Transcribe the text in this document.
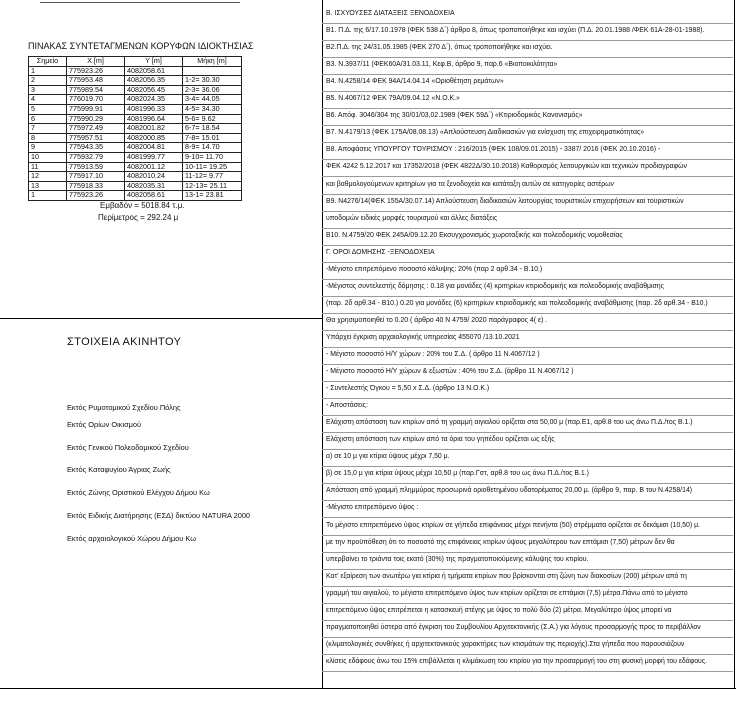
ΠΙΝΑΚΑΣ ΣΥΝΤΕΤΑΓΜΕΝΩΝ ΚΟΡΥΦΩΝ ΙΔΙΟΚΤΗΣΙΑΣ
Σημείο	X [m]	Y [m]	Μήκη [m]
1	775923.26	4082058.61	
2	775953.48	4082056.35	1-2= 30.30
3	775989.54	4082056.45	2-3= 36.06
4	776019.70	4082024.35	3-4= 44.05
5	775999.91	4081996.33	4-5= 34.30
6	775990.29	4081996.64	5-6= 9.62
7	775972.49	4082001.82	6-7= 18.54
8	775957.51	4082000.85	7-8= 15.01
9	775943.35	4082004.81	8-9= 14.70
10	775932.79	4081999.77	9-10= 11.70
11	775913.59	4082001.12	10-11= 19.25
12	775917.10	4082010.24	11-12= 9.77
13	775918.33	4082035.31	12-13= 25.11
1	775923.26	4082058.61	13-1= 23.81
Εμβαδόν = 5018.84 τ.μ.
Περίμετρος = 292.24 μ
ΣΤΟΙΧΕΙΑ ΑΚΙΝΗΤΟΥ
Εκτός Ρυμοτομικού Σχεδίου Πόλης
Εκτός Ορίων Οικισμού
Εκτός Γενικού Πολεοδομικού Σχεδίου
Εκτός Καταφυγίου Άγριας Ζωής
Εκτός Ζώνης Οριστικού Ελέγχου Δήμου Κω
Εκτός Ειδικής Διατήρησης (ΕΣΔ) δικτύου NATURA 2000
Εκτός αρχαιολογικού Χώρου Δήμου Κω
Β. ΙΣΧΥΟΥΣΕΣ ΔΙΑΤΑΞΕΙΣ ΞΕΝΟΔΟΧΕΙΑ
Β1. Π.Δ. της 6/17.10.1978 (ΦΕΚ 538 Δ΄) άρθρο 8, όπως τροποποιήθηκε και ισχύει (Π.Δ. 20.01.1988 /ΦΕΚ 61Α-28-01-1988).
Β2.Π.Δ. της 24/31.05.1985 (ΦΕΚ 270 Δ΄), όπως τροποποιήθηκε και ισχύει.
Β3. Ν.3937/11 (ΦΕΚ60Α/31.03.11, Κεφ.Β, άρθρο 9, παρ.6 «Βιοποικιλότητα»
Β4. Ν.4258/14 ΦΕΚ 94Α/14.04.14 «Οριοθέτηση ρεμάτων»
Β5. Ν.4067/12 ΦΕΚ 79Α/09.04.12 «Ν.Ο.Κ.»
Β6. Απόφ. 3046/304 της 30/01/03,02.1989 (ΦΕΚ 59Δ΄) «Κτιριοδομικός Κανονισμός»
Β7. Ν.4179/13 (ΦΕΚ 175Α/08.08.13) «Απλούστευση Διαδικασιών για ενίσχυση της επιχειρηματικότητας»
Β8. Αποφάσεις ΥΠΟΥΡΓΟΥ ΤΟΥΡΙΣΜΟΥ : 216/2015 (ΦΕΚ 108/09.01.2015) - 3387/ 2016 (ΦΕΚ 20.10.2016) -
ΦΕΚ 4242 5.12.2017 και 17352/2018 (ΦΕΚ 4822Δ/30.10.2018) Καθορισμός λειτουργικών και τεχνικών προδιαγραφών
και βαθμολογούμενων κριτηρίων για τα ξενοδοχεία και κατάταξη αυτών σε κατηγορίες αστέρων
Β9. Ν4276/14(ΦΕΚ 155Α/30.07.14) Απλούστευση διαδικασιών λειτουργίας τουριστικών επιχειρήσεων και τουριστικών
υποδομών ειδικές μορφές τουρισμού και άλλες διατάξεις
Β10. Ν.4759/20 ΦΕΚ 245Α/09.12.20 Εκσυγχρονισμός χωροταξικής και πολεοδομικής νομοθεσίας
Γ. ΟΡΟΙ ΔΟΜΗΣΗΣ -ΞΕΝΟΔΟΧΕΙΑ
-Μέγιστο επιτρεπόμενο ποσοστό κάλυψης: 20% (παρ 2 αρθ.34 - Β.10.)
-Μέγιστος συντελεστής δόμησης : 0.18 για μονάδες (4) κριτηρίων κτιριοδομικής και πολεοδομικής αναβάθμισης
(παρ. 2δ αρθ.34 - Β10.) 0.20 για μονάδες (6) κριτηρίων κτιριοδομικής και πολεοδομικής αναβάθμισης (παρ. 2δ αρθ.34 - Β10.)
Θα χρησιμοποιηθεί το 0.20 ( άρθρο 40 Ν 4759/ 2020 παράγραφος 4( ε) .
Υπάρχει έγκριση αρχαιολογικής υπηρεσίας 455070 /13.10.2021
- Μέγιστο ποσοστό Η/Υ χώρων : 20% του Σ.Δ. ( άρθρο 11 Ν.4067/12 )
- Μέγιστο ποσοστό Η/Υ χώρων & εξωστών : 40% του Σ.Δ. (άρθρο 11 Ν.4067/12 )
- Συντελεστής Όγκου = 5,50 x Σ.Δ. (άρθρο 13 Ν.Ο.Κ.)
- Αποστάσεις:
Ελάχιστη απόσταση των κτιρίων από τη γραμμή αιγιαλού ορίζεται στα 50,00 μ (παρ.Ε1, αρθ.8 του ως άνω Π.Δ./τος Β.1.)
Ελάχιστη απόσταση των κτιρίων από τα όρια του γηπέδου ορίζεται ως εξής
α) σε 10 μ για κτίρια ύψους μέχρι 7,50 μ.
β) σε 15,0 μ για κτίρια ύψους μέχρι 10,50 μ (παρ.Γστ, αρθ.8 του ως άνω Π.Δ./τος Β.1.)
Απόσταση από γραμμή πλημμύρας προσωρινά οριοθετημένου υδατορέματος 20,00 μ. (άρθρο 9, παρ. Β του Ν.4258/14)
-Μέγιστο επιτρεπόμενο ύψος :
Το μέγιστο επιτρεπόμενο ύψος κτιρίων σε γήπεδα επιφάνειας μέχρι πενήντα (50) στρέμματα ορίζεται σε δεκάμισι (10,50) μ.
με την προϋπόθεση ότι το ποσοστό της επιφάνειας κτιρίων ύψους μεγαλύτερου των επτάμισι (7,50) μέτρων δεν θα
υπερβαίνει το τριάντα τοις εκατό (30%) της πραγματοποιούμενης κάλυψης του κτιρίου.
Κατ' εξαίρεση των ανωτέρω για κτίρια ή τμήματα κτιρίων που βρίσκονται στη ζώνη των διακοσίων (200) μέτρων από τη
γραμμή του αιγιαλού, το μέγιστο επιτρεπόμενο ύψος των κτιρίων ορίζεται σε επτάμισι (7,5) μέτρα.Πάνω από το μέγιστο
επιτρεπόμενο ύψος επιτρέπεται η κατασκευή στέγης με ύψος το πολύ δύο (2) μέτρα. Μεγαλύτερο ύψος μπορεί να
πραγματοποιηθεί ύστερα από έγκριση του Συμβουλίου Αρχιτεκτονικής (Σ.Α.) για λόγους προσαρμογής προς το περιβάλλον
(κλιματολογικές συνθήκες ή αρχιτεκτονικούς χαρακτήρες των κτισμάτων της περιοχής).Στα γήπεδα που παρουσιάζουν
κλίσεις εδάφους άνω του 15% επιβάλλεται η κλιμάκωση του κτιρίου για την προσαρμογή του στη φυσική μορφή του εδάφους.
